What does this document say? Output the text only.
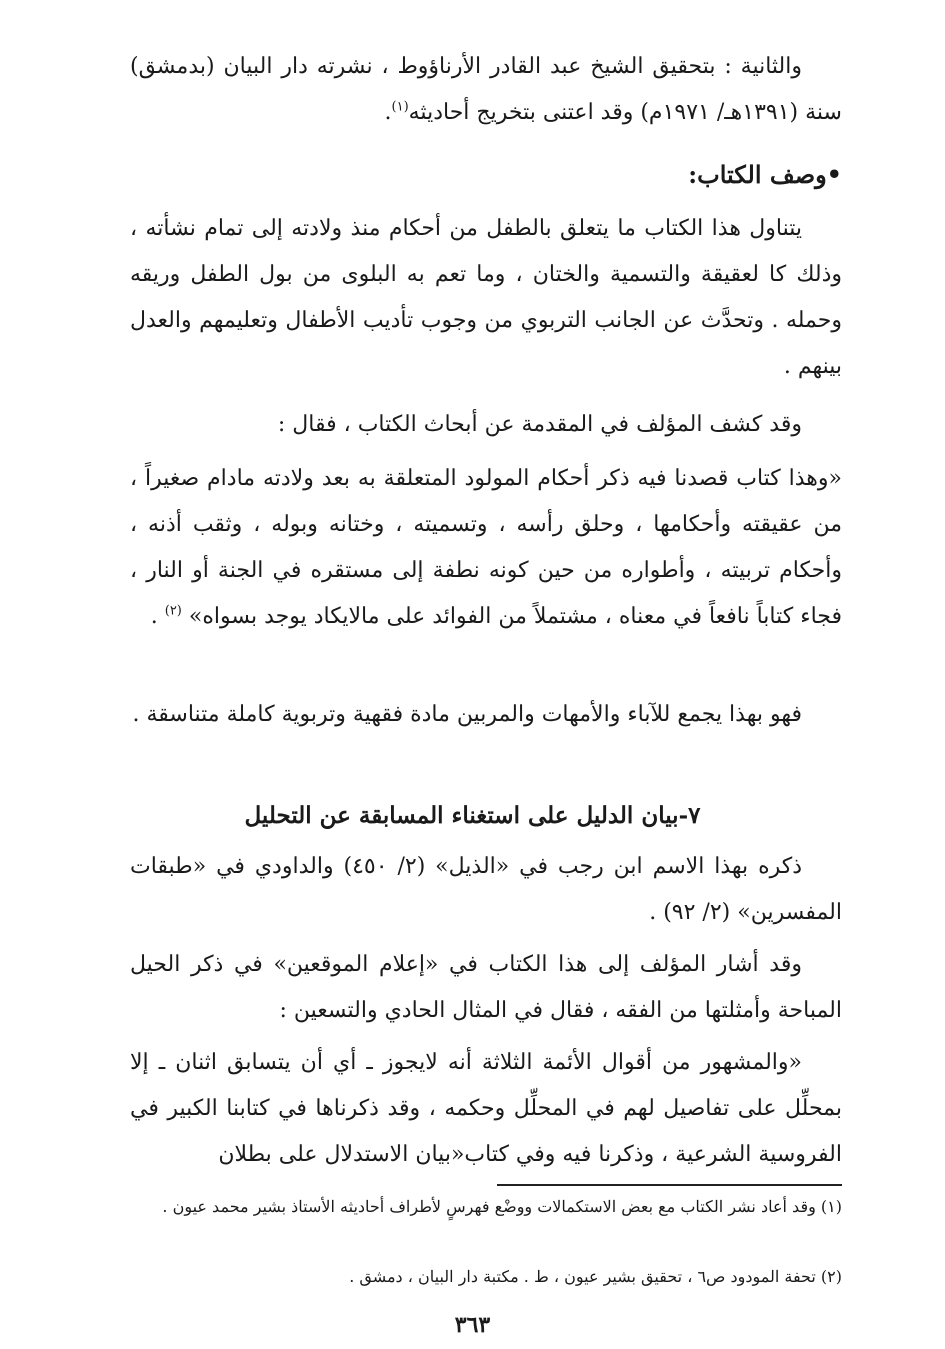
والثانية : بتحقيق الشيخ عبد القادر الأرناؤوط ، نشرته دار البيان (بدمشق) سنة (١٣٩١هـ/ ١٩٧١م) وقد اعتنى بتخريج أحاديثه$^{(١)}$.

•وصف الكتاب:

يتناول هذا الكتاب ما يتعلق بالطفل من أحكام منذ ولادته إلى تمام نشأته ، وذلك كا لعقيقة والتسمية والختان ، وما تعم به البلوى من بول الطفل وريقه وحمله . وتحدَّث عن الجانب التربوي من وجوب تأديب الأطفال وتعليمهم والعدل بينهم .

وقد كشف المؤلف في المقدمة عن أبحاث الكتاب ، فقال :

«وهذا كتاب قصدنا فيه ذكر أحكام المولود المتعلقة به بعد ولادته مادام صغيراً ، من عقيقته وأحكامها ، وحلق رأسه ، وتسميته ، وختانه وبوله ، وثقب أذنه ، وأحكام تربيته ، وأطواره من حين كونه نطفة إلى مستقره في الجنة أو النار ، فجاء كتاباً نافعاً في معناه ، مشتملاً من الفوائد على مالايكاد يوجد بسواه» $^{(٢)}$ .

فهو بهذا يجمع للآباء والأمهات والمربين مادة فقهية وتربوية كاملة متناسقة .

٧-بيان الدليل على استغناء المسابقة عن التحليل

ذكره بهذا الاسم ابن رجب في «الذيل» (٢/ ٤٥٠) والداودي في «طبقات المفسرين» (٢/ ٩٢) .

وقد أشار المؤلف إلى هذا الكتاب في «إعلام الموقعين» في ذكر الحيل المباحة وأمثلتها من الفقه ، فقال في المثال الحادي والتسعين :

«والمشهور من أقوال الأئمة الثلاثة أنه لايجوز ـ أي أن يتسابق اثنان ـ إلا بمحلِّل على تفاصيل لهم في المحلِّل وحكمه ، وقد ذكرناها في كتابنا الكبير في الفروسية الشرعية ، وذكرنا فيه وفي كتاب«بيان الاستدلال على بطلان

(١) وقد أعاد نشر الكتاب مع بعض الاستكمالات ووضْع فهرسٍ لأطراف أحاديثه الأستاذ بشير محمد عيون .

(٢) تحفة المودود ص٦ ، تحقيق بشير عيون ، ط . مكتبة دار البيان ، دمشق .

٣٦٣
